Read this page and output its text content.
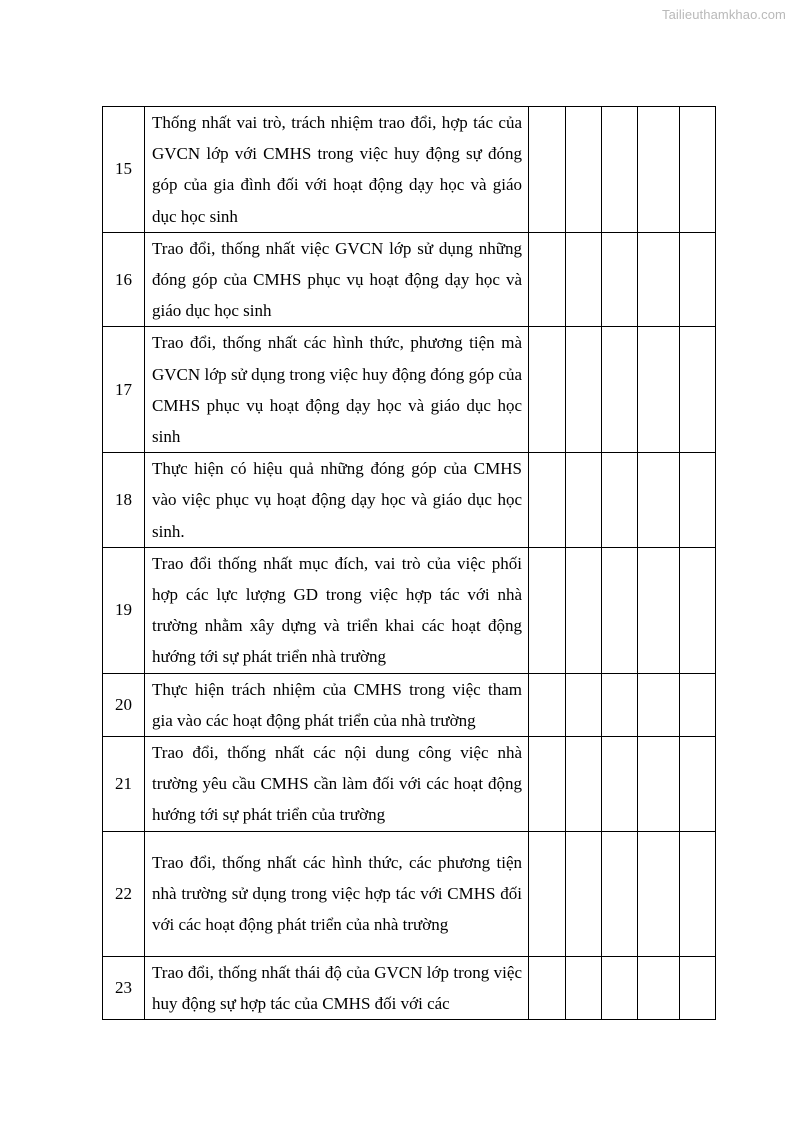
Tailieuthamkhao.com
15	Thống nhất vai trò, trách nhiệm trao đổi, hợp tác của GVCN lớp với CMHS trong việc huy động sự đóng góp của gia đình đối với hoạt động dạy học và giáo dục học sinh					
16	Trao đổi, thống nhất việc GVCN lớp sử dụng những đóng góp của CMHS phục vụ hoạt động dạy học và giáo dục học sinh					
17	Trao đổi, thống nhất các hình thức, phương tiện mà GVCN lớp sử dụng trong việc huy động đóng góp của CMHS phục vụ hoạt động dạy học và giáo dục học sinh					
18	Thực hiện có hiệu quả những đóng góp của CMHS vào việc phục vụ hoạt động dạy học và giáo dục học sinh.					
19	Trao đổi thống nhất mục đích, vai trò của việc phối hợp các lực lượng GD trong việc hợp tác với nhà trường nhằm xây dựng và triển khai các hoạt động hướng tới sự phát triển nhà trường					
20	Thực hiện trách nhiệm của CMHS trong việc tham gia vào các hoạt động phát triển của nhà trường					
21	Trao đổi, thống nhất các nội dung công việc nhà trường yêu cầu CMHS cần làm đối với các hoạt động hướng tới sự phát triển của trường					
22	Trao đổi, thống nhất các hình thức, các phương tiện nhà trường sử dụng trong việc hợp tác với CMHS đối với các hoạt động phát triển của nhà trường					
23	Trao đổi, thống nhất thái độ của GVCN lớp trong việc huy động sự hợp tác của CMHS đối với các					
